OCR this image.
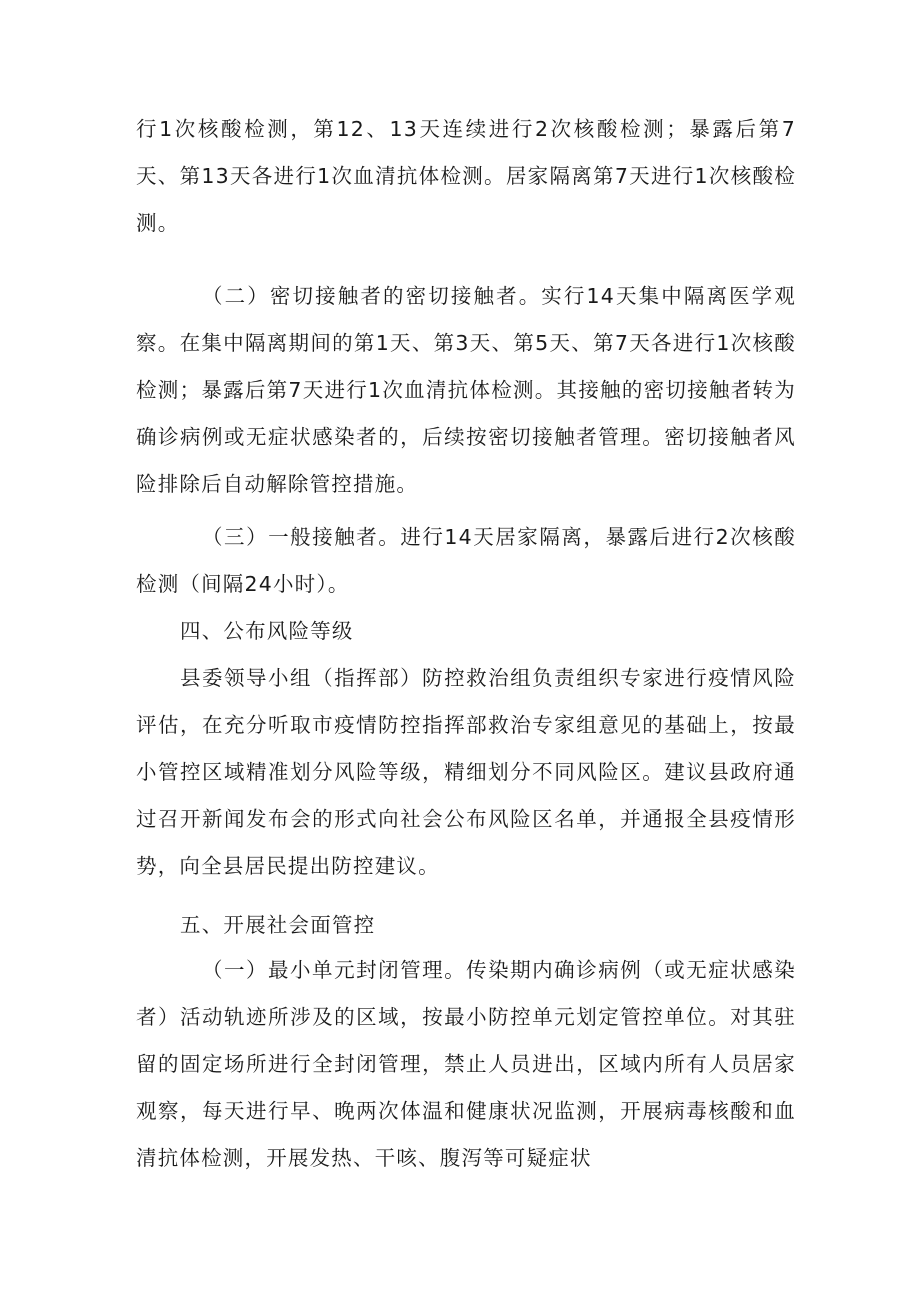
行1次核酸检测，第12、13天连续进行2次核酸检测；暴露后第7天、第13天各进行1次血清抗体检测。居家隔离第7天进行1次核酸检测。

（二）密切接触者的密切接触者。实行14天集中隔离医学观察。在集中隔离期间的第1天、第3天、第5天、第7天各进行1次核酸检测；暴露后第7天进行1次血清抗体检测。其接触的密切接触者转为确诊病例或无症状感染者的，后续按密切接触者管理。密切接触者风险排除后自动解除管控措施。

（三）一般接触者。进行14天居家隔离，暴露后进行2次核酸检测（间隔24小时）。

四、公布风险等级

县委领导小组（指挥部）防控救治组负责组织专家进行疫情风险评估，在充分听取市疫情防控指挥部救治专家组意见的基础上，按最小管控区域精准划分风险等级，精细划分不同风险区。建议县政府通过召开新闻发布会的形式向社会公布风险区名单，并通报全县疫情形势，向全县居民提出防控建议。

五、开展社会面管控

（一）最小单元封闭管理。传染期内确诊病例（或无症状感染者）活动轨迹所涉及的区域，按最小防控单元划定管控单位。对其驻留的固定场所进行全封闭管理，禁止人员进出，区域内所有人员居家观察，每天进行早、晚两次体温和健康状况监测，开展病毒核酸和血清抗体检测，开展发热、干咳、腹泻等可疑症状
